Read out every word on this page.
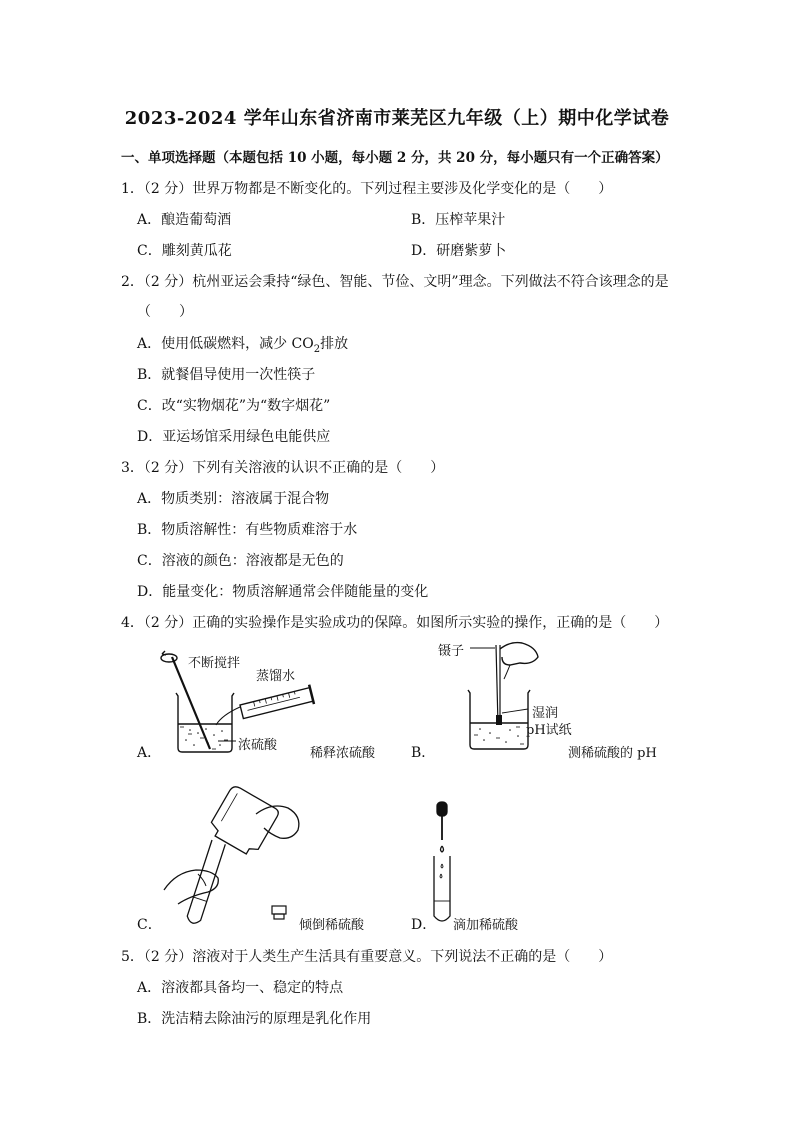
2023-2024 学年山东省济南市莱芜区九年级（上）期中化学试卷
一、单项选择题（本题包括 10 小题，每小题 2 分，共 20 分，每小题只有一个正确答案）
1．（2 分）世界万物都是不断变化的。下列过程主要涉及化学变化的是（　　）
A．酿造葡萄酒	B．压榨苹果汁
C．雕刻黄瓜花	D．研磨紫萝卜
2．（2 分）杭州亚运会秉持“绿色、智能、节俭、文明”理念。下列做法不符合该理念的是
（　　）
A．使用低碳燃料，减少 $CO_2$排放
B．就餐倡导使用一次性筷子
C．改“实物烟花”为“数字烟花”
D．亚运场馆采用绿色电能供应
3．（2 分）下列有关溶液的认识不正确的是（　　）
A．物质类别：溶液属于混合物
B．物质溶解性：有些物质难溶于水
C．溶液的颜色：溶液都是无色的
D．能量变化：物质溶解通常会伴随能量的变化
4．（2 分）正确的实验操作是实验成功的保障。如图所示实验的操作，正确的是（　　）
不断搅拌
蒸馏水
浓硫酸
A．	稀释浓硫酸
镊子
湿润
pH试纸
B．	测稀硫酸的 pH
C．	倾倒稀硫酸	D． 滴加稀硫酸
5．（2 分）溶液对于人类生产生活具有重要意义。下列说法不正确的是（　　）
A．溶液都具备均一、稳定的特点
B．洗洁精去除油污的原理是乳化作用
